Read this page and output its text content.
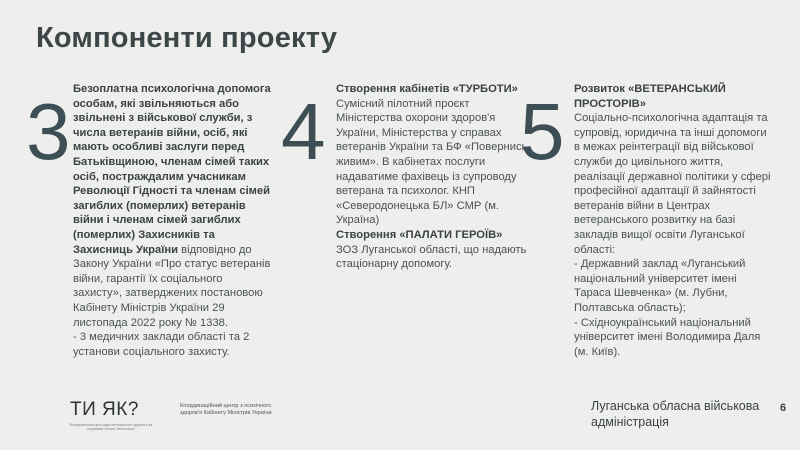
Компоненти проекту
3 Безоплатна психологічна допомога особам, які звільняються або звільнені з військової служби, з числа ветеранів війни, осіб, які мають особливі заслуги перед Батьківщиною, членам сімей таких осіб, постраждалим учасникам Революції Гідності та членам сімей загиблих (померлих) ветеранів війни і членам сімей загиблих (померлих) Захисників та Захисниць України відповідно до Закону України «Про статус ветеранів війни, гарантії їх соціального захисту», затверджених постановою Кабінету Міністрів України 29 листопада 2022 року № 1338.

- 3 медичних заклади області та 2 установи соціального захисту.

4 Створення кабінетів «ТУРБОТИ»

Сумісний пілотний проєкт Міністерства охорони здоров'я України, Міністерства у справах ветеранів України та БФ «Повернись живим». В кабінетах послуги надаватиме фахівець із супроводу ветерана та психолог. КНП «Северодонецька БЛ» СМР (м. Україна)

Створення «ПАЛАТИ ГЕРОЇВ»

ЗОЗ Луганської області, що надають стаціонарну допомогу.

5 Розвиток «ВЕТЕРАНСЬКИЙ ПРОСТОРІВ»

Соціально-психологічна адаптація та супровід, юридична та інші допомоги в межах реінтеграції від військової служби до цивільного життя, реалізації державної політики у сфері професійної адаптації й зайнятості ветеранів війни в Центрах ветеранського розвитку на базі закладів вищої освіти Луганської області:

- Державний заклад «Луганський національний університет імені Тараса Шевченка» (м. Лубни, Полтавська область);

- Східноукраїнський національний університет імені Володимира Даля (м. Київ).

ТИ ЯК?
Всеукраїнська програма ментального здоров'я за ініціативи Олени Зеленської
Координаційний центр з психічного здоров'я Кабінету Міністрів України
Луганська обласна військова адміністрація
6
